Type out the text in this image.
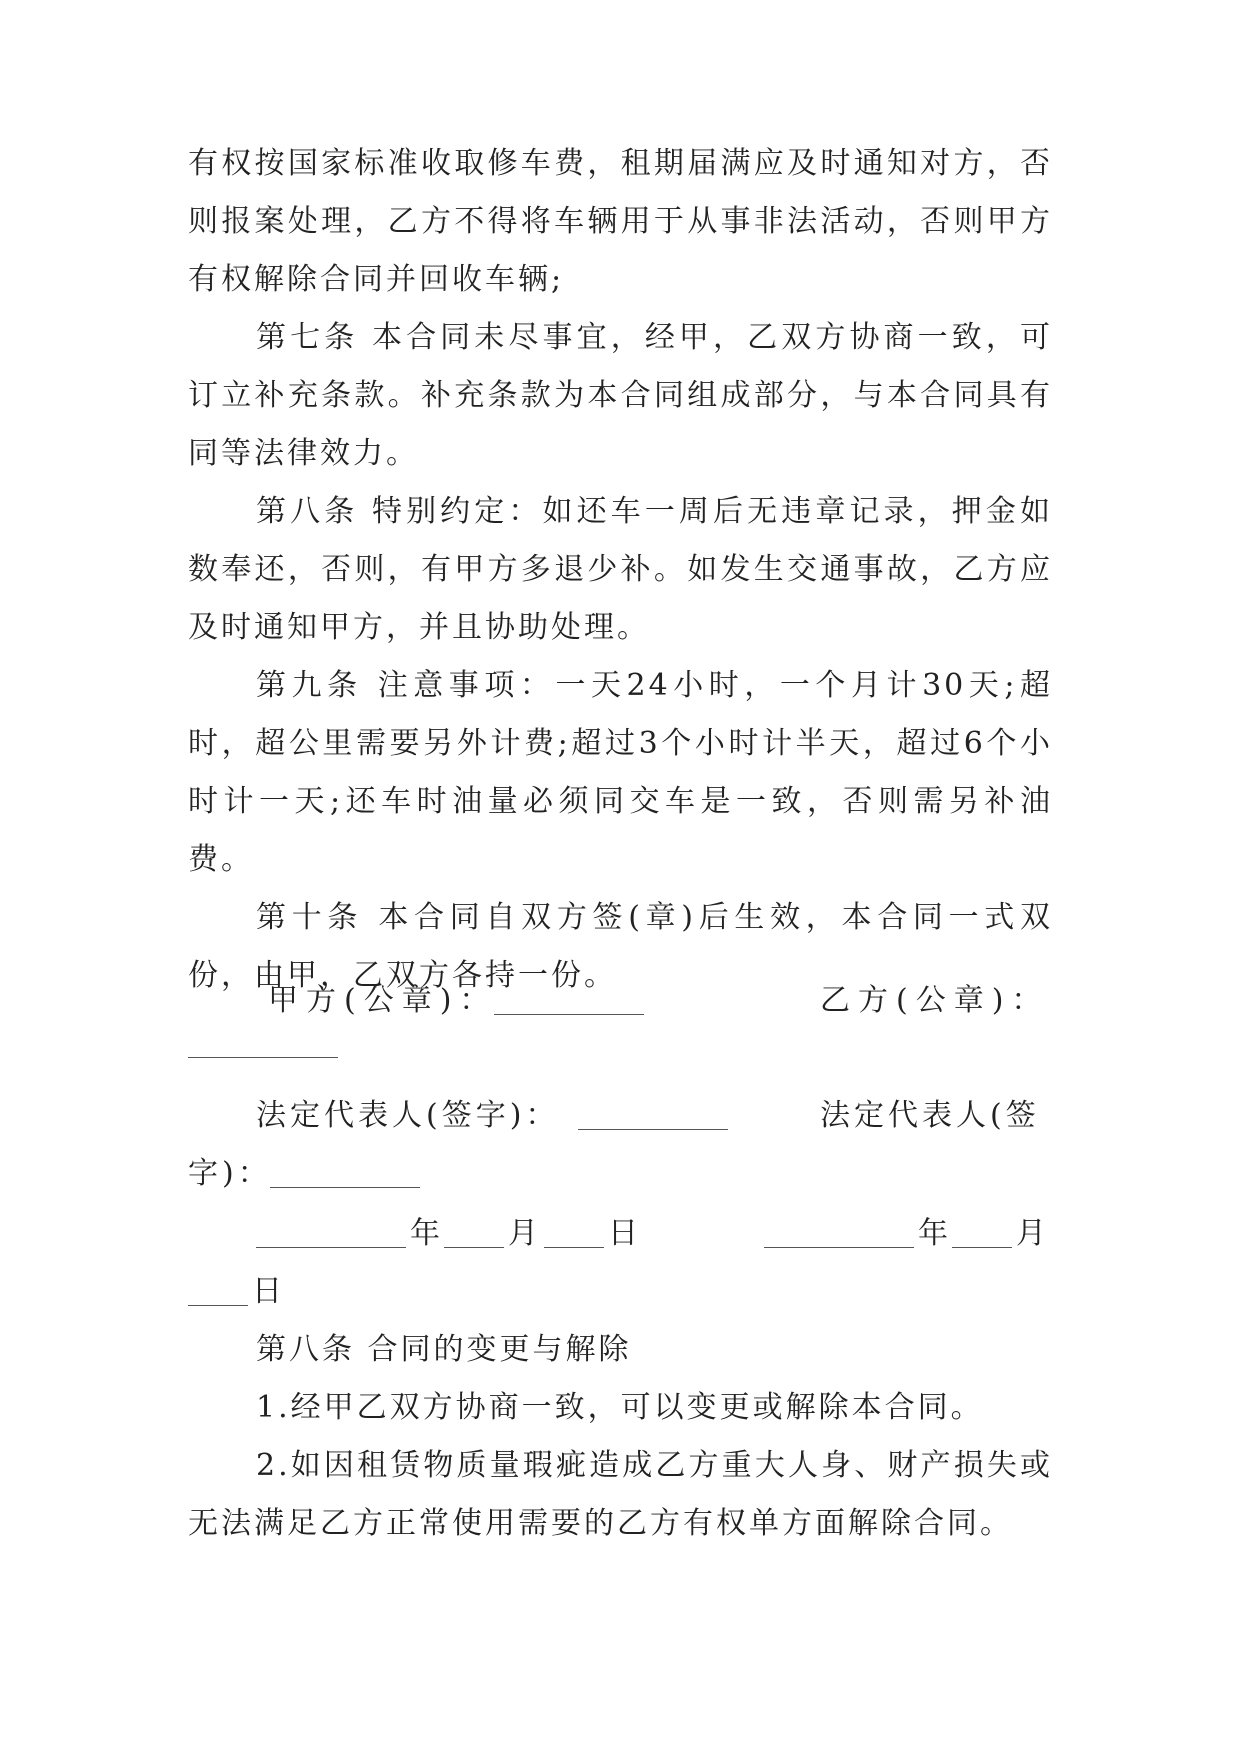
有权按国家标准收取修车费，租期届满应及时通知对方，否则报案处理，乙方不得将车辆用于从事非法活动，否则甲方有权解除合同并回收车辆;

第七条 本合同未尽事宜，经甲，乙双方协商一致，可订立补充条款。补充条款为本合同组成部分，与本合同具有同等法律效力。

第八条 特别约定：如还车一周后无违章记录，押金如数奉还，否则，有甲方多退少补。如发生交通事故，乙方应及时通知甲方，并且协助处理。

第九条 注意事项：一天24小时，一个月计30天;超时，超公里需要另外计费;超过3个小时计半天，超过6个小时计一天;还车时油量必须同交车是一致，否则需另补油费。

第十条 本合同自双方签(章)后生效，本合同一式双份，由甲，乙双方各持一份。

甲方(公章)：	乙方(公章)：
法定代表人(签字)：	法定代表人(签
字)：
年 月 日	年 月
日

第八条 合同的变更与解除

1.经甲乙双方协商一致，可以变更或解除本合同。

2.如因租赁物质量瑕疵造成乙方重大人身、财产损失或无法满足乙方正常使用需要的乙方有权单方面解除合同。
